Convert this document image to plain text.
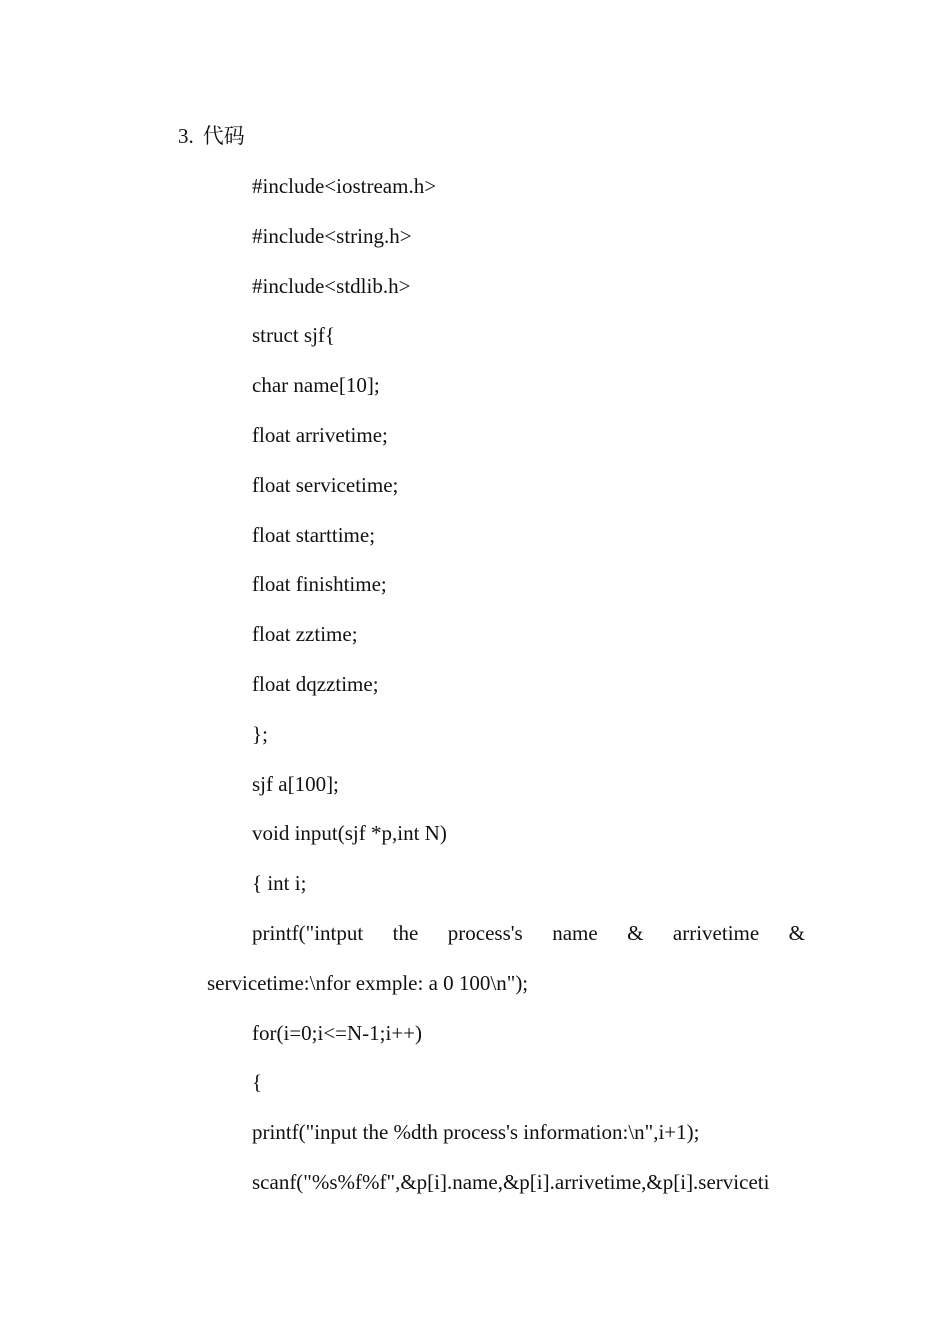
3. 代码
#include<iostream.h>
#include<string.h>
#include<stdlib.h>
struct sjf{
char name[10];
float arrivetime;
float servicetime;
float starttime;
float finishtime;
float zztime;
float dqzztime;
};
sjf a[100];
void input(sjf *p,int N)
{ int i;
printf("intput the process's name & arrivetime &
servicetime:\nfor exmple: a 0 100\n");
for(i=0;i<=N-1;i++)
{
printf("input the %dth process's information:\n",i+1);
scanf("%s%f%f",&p[i].name,&p[i].arrivetime,&p[i].serviceti
